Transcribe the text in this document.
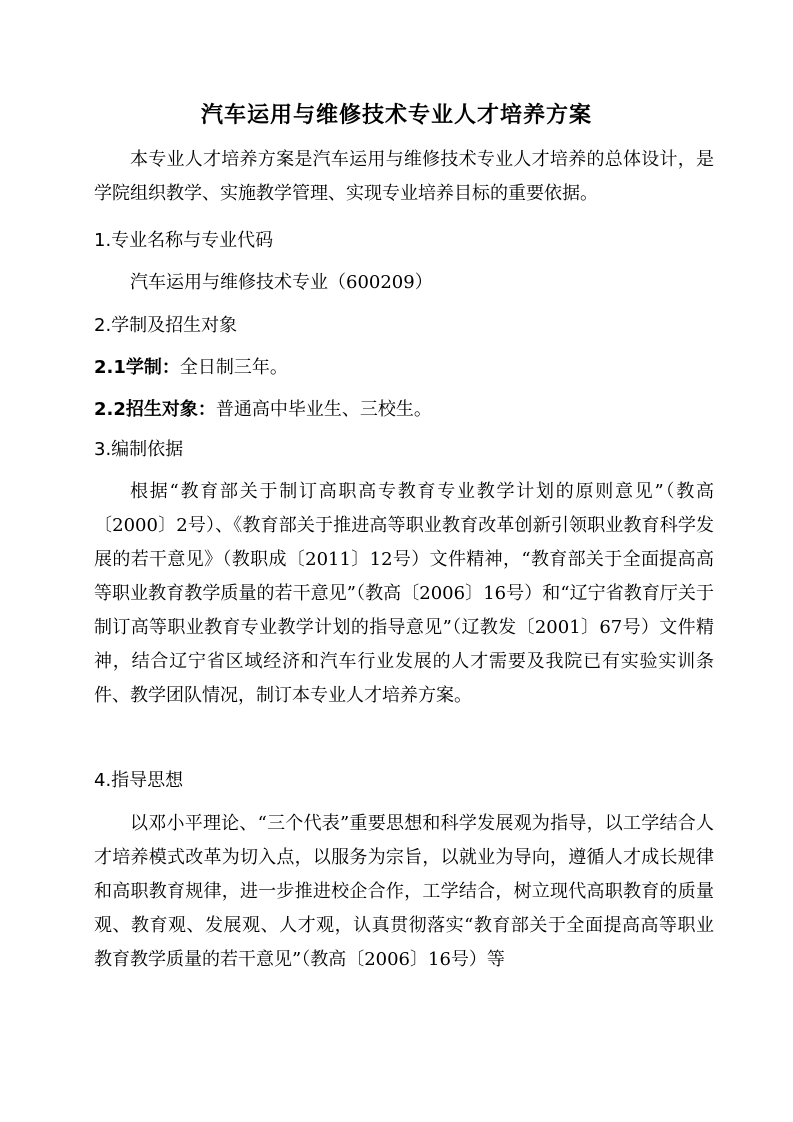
汽车运用与维修技术专业人才培养方案

本专业人才培养方案是汽车运用与维修技术专业人才培养的总体设计，是学院组织教学、实施教学管理、实现专业培养目标的重要依据。

1.专业名称与专业代码

汽车运用与维修技术专业（600209）

2.学制及招生对象

2.1学制：全日制三年。

2.2招生对象：普通高中毕业生、三校生。

3.编制依据

根据“教育部关于制订高职高专教育专业教学计划的原则意见”（教高〔2000〕2号）、《教育部关于推进高等职业教育改革创新引领职业教育科学发展的若干意见》（教职成〔2011〕12号）文件精神，“教育部关于全面提高高等职业教育教学质量的若干意见”（教高〔2006〕16号）和“辽宁省教育厅关于制订高等职业教育专业教学计划的指导意见”（辽教发〔2001〕67号）文件精神，结合辽宁省区域经济和汽车行业发展的人才需要及我院已有实验实训条件、教学团队情况，制订本专业人才培养方案。

4.指导思想

以邓小平理论、“三个代表”重要思想和科学发展观为指导，以工学结合人才培养模式改革为切入点，以服务为宗旨，以就业为导向，遵循人才成长规律和高职教育规律，进一步推进校企合作，工学结合，树立现代高职教育的质量观、教育观、发展观、人才观，认真贯彻落实“教育部关于全面提高高等职业教育教学质量的若干意见”（教高〔2006〕16号）等
